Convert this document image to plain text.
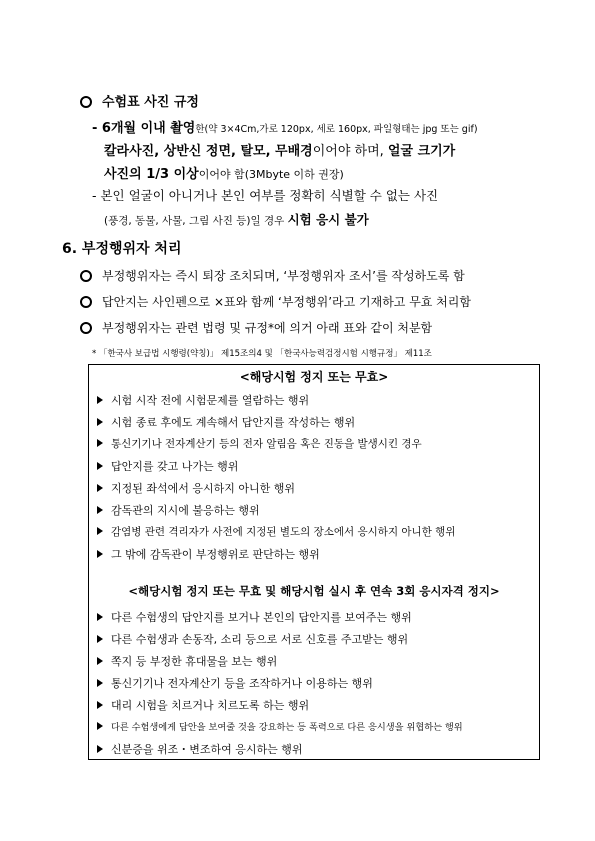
수험표 사진 규정
- 6개월 이내 촬영한(약 3×4Cm,가로 120px, 세로 160px, 파일형태는 jpg 또는 gif)
칼라사진, 상반신 정면, 탈모, 무배경이어야 하며, 얼굴 크기가
사진의 1/3 이상이어야 함(3Mbyte 이하 권장)
- 본인 얼굴이 아니거나 본인 여부를 정확히 식별할 수 없는 사진
(풍경, 동물, 사물, 그림 사진 등)일 경우 시험 응시 불가
6. 부정행위자 처리
부정행위자는 즉시 퇴장 조치되며, ‘부정행위자 조서’를 작성하도록 함
답안지는 사인펜으로 ×표와 함께 ‘부정행위’라고 기재하고 무효 처리함
부정행위자는 관련 법령 및 규정*에 의거 아래 표와 같이 처분함
* 「한국사 보급법 시행령(약칭)」 제15조의4 및 「한국사능력검정시험 시행규정」 제11조
<해당시험 정지 또는 무효>
시험 시작 전에 시험문제를 열람하는 행위
시험 종료 후에도 계속해서 답안지를 작성하는 행위
통신기기나 전자계산기 등의 전자 알림음 혹은 진동을 발생시킨 경우
답안지를 갖고 나가는 행위
지정된 좌석에서 응시하지 아니한 행위
감독관의 지시에 불응하는 행위
감염병 관련 격리자가 사전에 지정된 별도의 장소에서 응시하지 아니한 행위
그 밖에 감독관이 부정행위로 판단하는 행위
<해당시험 정지 또는 무효 및 해당시험 실시 후 연속 3회 응시자격 정지>
다른 수험생의 답안지를 보거나 본인의 답안지를 보여주는 행위
다른 수험생과 손동작, 소리 등으로 서로 신호를 주고받는 행위
쪽지 등 부정한 휴대물을 보는 행위
통신기기나 전자계산기 등을 조작하거나 이용하는 행위
대리 시험을 치르거나 치르도록 하는 행위
다른 수험생에게 답안을 보여줄 것을 강요하는 등 폭력으로 다른 응시생을 위협하는 행위
신분증을 위조・변조하여 응시하는 행위
